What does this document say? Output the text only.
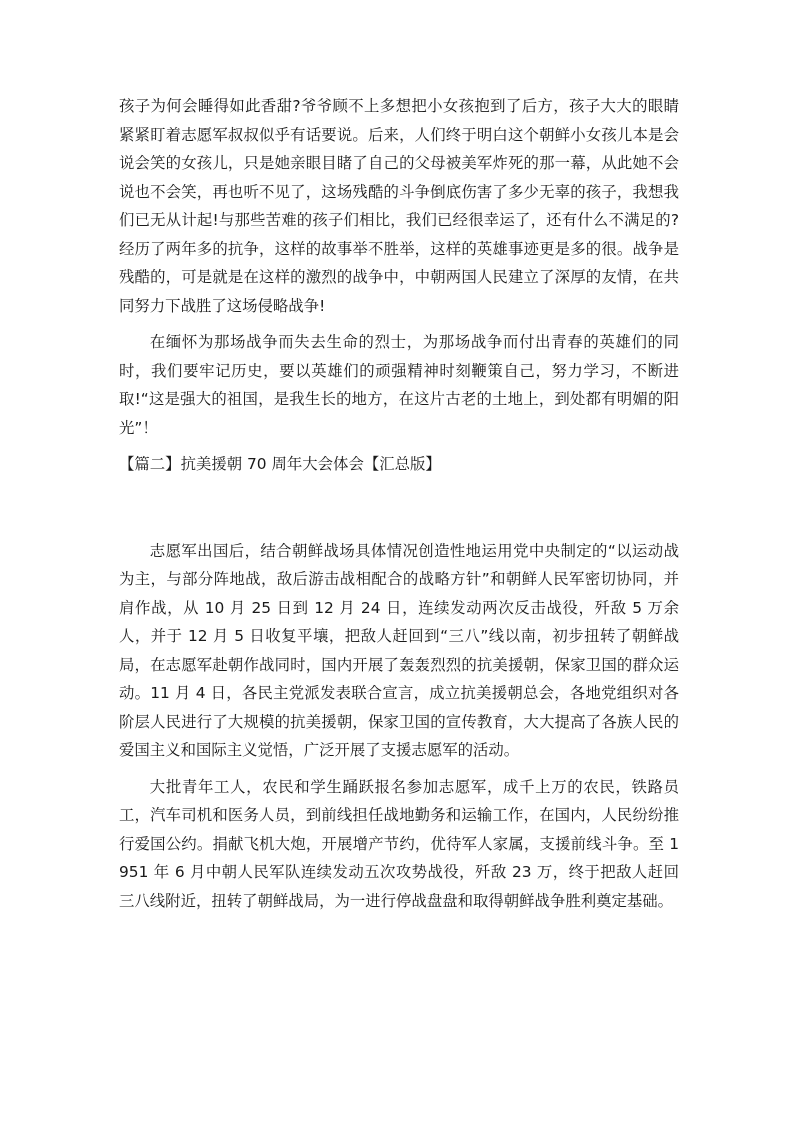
孩子为何会睡得如此香甜?爷爷顾不上多想把小女孩抱到了后方，孩子大大的眼睛紧紧盯着志愿军叔叔似乎有话要说。后来，人们终于明白这个朝鲜小女孩儿本是会说会笑的女孩儿，只是她亲眼目睹了自己的父母被美军炸死的那一幕，从此她不会说也不会笑，再也听不见了，这场残酷的斗争倒底伤害了多少无辜的孩子，我想我们已无从计起!与那些苦难的孩子们相比，我们已经很幸运了，还有什么不满足的?经历了两年多的抗争，这样的故事举不胜举，这样的英雄事迹更是多的很。战争是残酷的，可是就是在这样的激烈的战争中，中朝两国人民建立了深厚的友情，在共同努力下战胜了这场侵略战争!

在缅怀为那场战争而失去生命的烈士，为那场战争而付出青春的英雄们的同时，我们要牢记历史，要以英雄们的顽强精神时刻鞭策自己，努力学习，不断进取!“这是强大的祖国，是我生长的地方，在这片古老的土地上，到处都有明媚的阳光”！

【篇二】抗美援朝 70 周年大会体会【汇总版】

志愿军出国后，结合朝鲜战场具体情况创造性地运用党中央制定的“以运动战为主，与部分阵地战，敌后游击战相配合的战略方针”和朝鲜人民军密切协同，并肩作战，从 10 月 25 日到 12 月 24 日，连续发动两次反击战役，歼敌 5 万余人，并于 12 月 5 日收复平壤，把敌人赶回到“三八”线以南，初步扭转了朝鲜战局，在志愿军赴朝作战同时，国内开展了轰轰烈烈的抗美援朝，保家卫国的群众运动。11 月 4 日，各民主党派发表联合宣言，成立抗美援朝总会，各地党组织对各阶层人民进行了大规模的抗美援朝，保家卫国的宣传教育，大大提高了各族人民的爱国主义和国际主义觉悟，广泛开展了支援志愿军的活动。

大批青年工人，农民和学生踊跃报名参加志愿军，成千上万的农民，铁路员工，汽车司机和医务人员，到前线担任战地勤务和运输工作，在国内，人民纷纷推行爱国公约。捐献飞机大炮，开展增产节约，优待军人家属，支援前线斗争。至 1951 年 6 月中朝人民军队连续发动五次攻势战役，歼敌 23 万，终于把敌人赶回三八线附近，扭转了朝鲜战局，为一进行停战盘盘和取得朝鲜战争胜利奠定基础。
